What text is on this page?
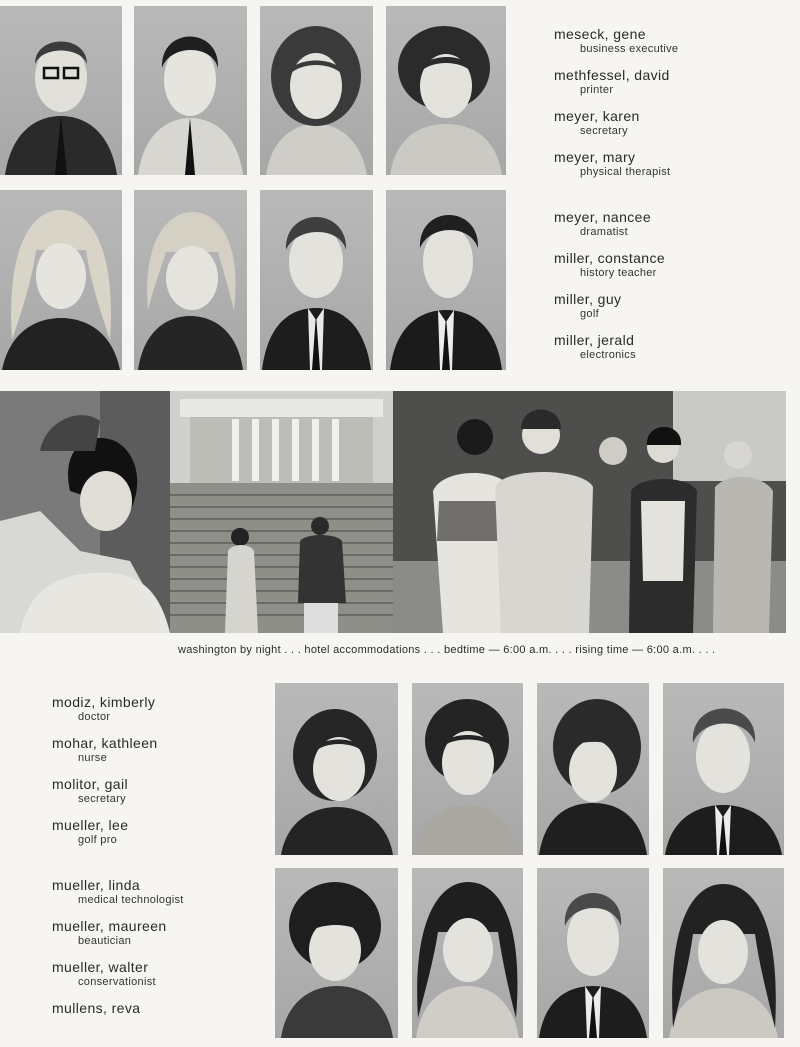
meseck, gene
business executive
methfessel, david
printer
meyer, karen
secretary
meyer, mary
physical therapist
meyer, nancee
dramatist
miller, constance
history teacher
miller, guy
golf
miller, jerald
electronics
washington by night . . . hotel accommodations . . . bedtime — 6:00 a.m. . . . rising time — 6:00 a.m. . . .
modiz, kimberly
doctor
mohar, kathleen
nurse
molitor, gail
secretary
mueller, lee
golf pro
mueller, linda
medical technologist
mueller, maureen
beautician
mueller, walter
conservationist
mullens, reva
